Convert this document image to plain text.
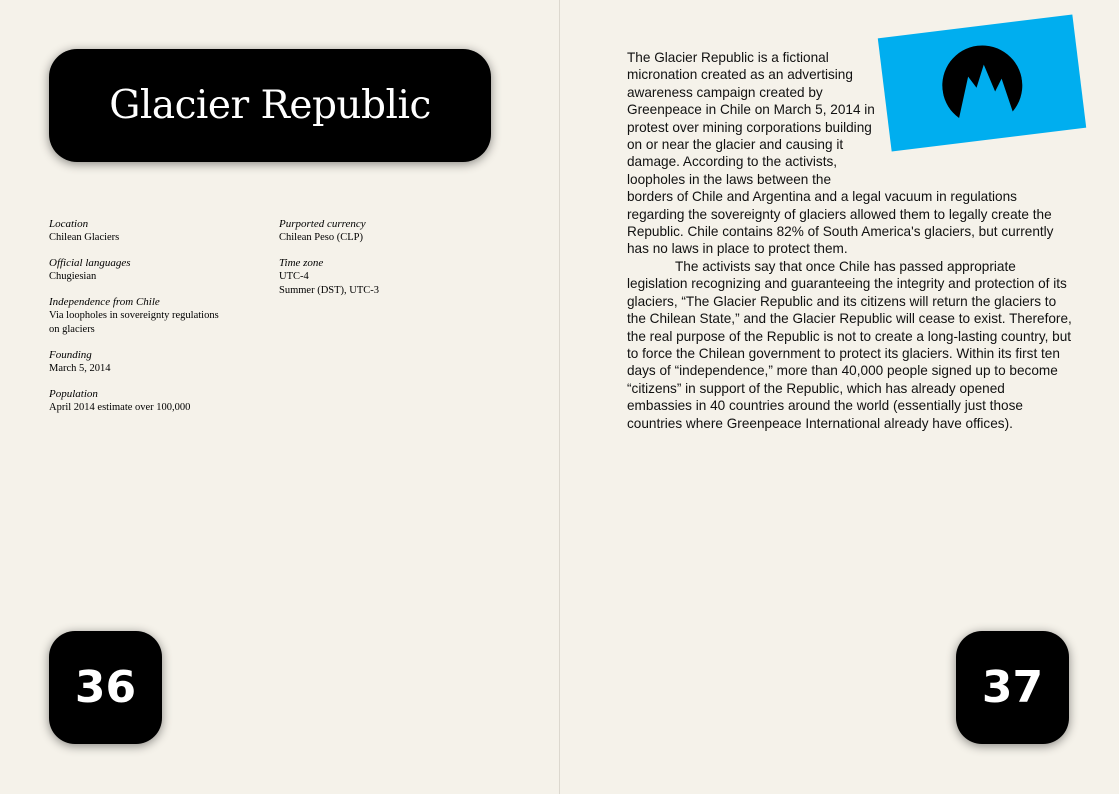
Glacier Republic
Location
Chilean Glaciers
Official languages
Chugiesian
Independence from Chile
Via loopholes in sovereignty regulations
on glaciers
Founding
March 5, 2014
Population
April 2014 estimate over 100,000
Purported currency
Chilean Peso (CLP)
Time zone
UTC-4
Summer (DST), UTC-3
36

The Glacier Republic is a fictional micronation created as an advertising awareness campaign created by Greenpeace in Chile on March 5, 2014 in protest over mining corporations building on or near the glacier and causing it damage. According to the activists, loopholes in the laws between the borders of Chile and Argentina and a legal vacuum in regulations regarding the sovereignty of glaciers allowed them to legally create the Republic. Chile contains 82% of South America's glaciers, but currently has no laws in place to protect them.

The activists say that once Chile has passed appropriate legislation recognizing and guaranteeing the integrity and protection of its glaciers, “The Glacier Republic and its citizens will return the glaciers to the Chilean State,” and the Glacier Republic will cease to exist. Therefore, the real purpose of the Republic is not to create a long-lasting country, but to force the Chilean government to protect its glaciers. Within its first ten days of “independence,” more than 40,000 people signed up to become “citizens” in support of the Republic, which has already opened embassies in 40 countries around the world (essentially just those countries where Greenpeace International already have offices).

37
